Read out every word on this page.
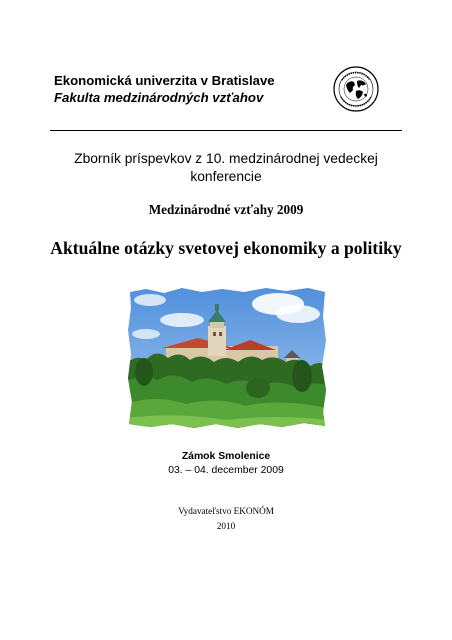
Ekonomická univerzita v Bratislave
Fakulta medzinárodných vzťahov
Zborník príspevkov z 10. medzinárodnej vedeckej konferencie
Medzinárodné vzťahy 2009
Aktuálne otázky svetovej ekonomiky a politiky
Zámok Smolenice
03. – 04. december 2009
Vydavateľstvo EKONÓM
2010
